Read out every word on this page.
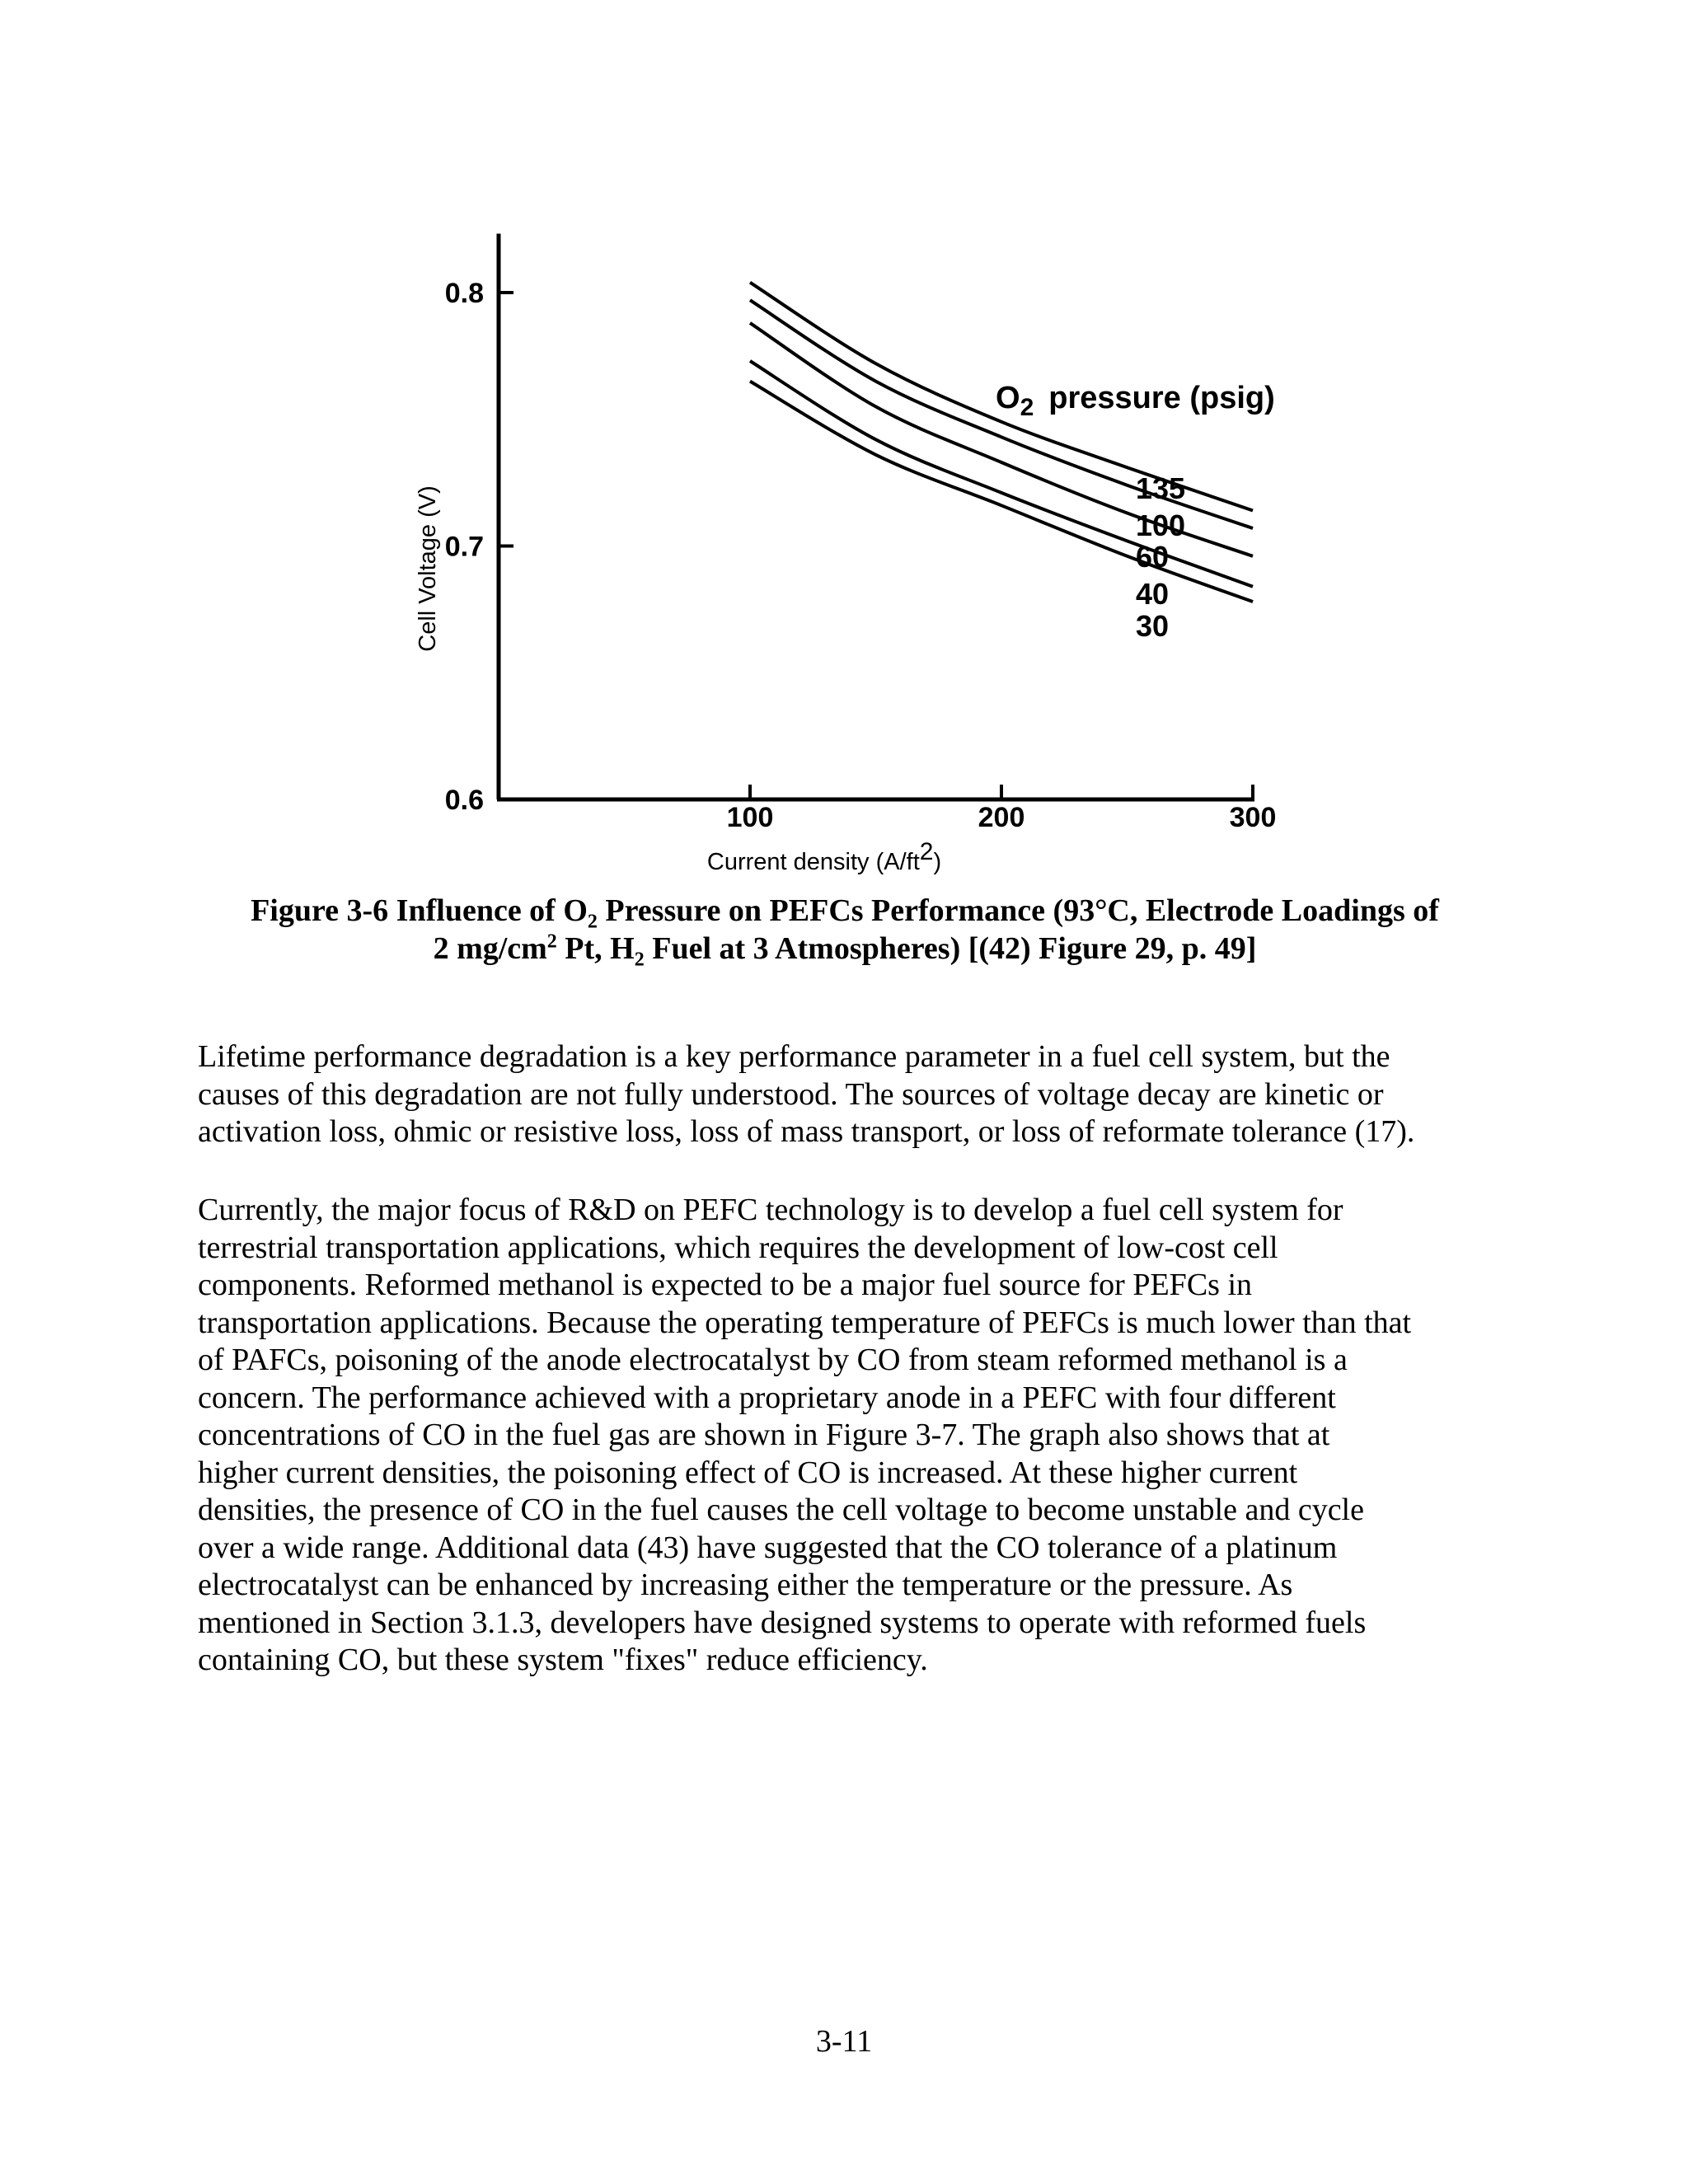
0.6
0.7
0.8
100	200	300
135
100
60
40
30
Cell Voltage (V)
Current density (A/ft2)
$O_2$ pressure (psig)
Figure 3-6 Influence of $O_2$ Pressure on PEFCs Performance (93°C, Electrode Loadings of
2 $mg/cm^2$ Pt, $H_2$ Fuel at 3 Atmospheres) [(42) Figure 29, p. 49]
Lifetime performance degradation is a key performance parameter in a fuel cell system, but the
causes of this degradation are not fully understood. The sources of voltage decay are kinetic or
activation loss, ohmic or resistive loss, loss of mass transport, or loss of reformate tolerance (17).
Currently, the major focus of R&D on PEFC technology is to develop a fuel cell system for
terrestrial transportation applications, which requires the development of low-cost cell
components. Reformed methanol is expected to be a major fuel source for PEFCs in
transportation applications. Because the operating temperature of PEFCs is much lower than that
of PAFCs, poisoning of the anode electrocatalyst by CO from steam reformed methanol is a
concern. The performance achieved with a proprietary anode in a PEFC with four different
concentrations of CO in the fuel gas are shown in Figure 3-7. The graph also shows that at
higher current densities, the poisoning effect of CO is increased. At these higher current
densities, the presence of CO in the fuel causes the cell voltage to become unstable and cycle
over a wide range. Additional data (43) have suggested that the CO tolerance of a platinum
electrocatalyst can be enhanced by increasing either the temperature or the pressure. As
mentioned in Section 3.1.3, developers have designed systems to operate with reformed fuels
containing CO, but these system "fixes" reduce efficiency.
3-11
